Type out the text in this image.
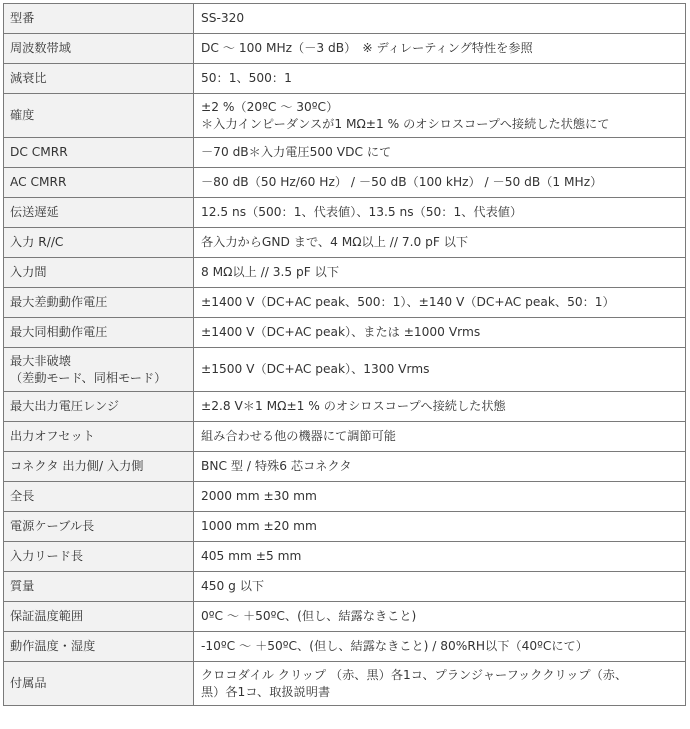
型番	SS-320

周波数帯域	DC ～ 100 MHz（－3 dB）　※ ディレーティング特性を参照

減衰比	50：1、500：1

確度	±2 %（20ºC ～ 30ºC）
＊入力インピーダンスが1 MΩ±1 % のオシロスコープへ接続した状態にて

DC CMRR	－70 dB＊入力電圧500 VDC にて

AC CMRR	－80 dB（50 Hz/60 Hz） / －50 dB（100 kHz） / －50 dB（1 MHz）

伝送遅延	12.5 ns（500：1、代表値）、13.5 ns（50：1、代表値）

入力 R//C	各入力からGND まで、4 MΩ以上 // 7.0 pF 以下

入力間	8 MΩ以上 // 3.5 pF 以下

最大差動動作電圧	±1400 V（DC+AC peak、500：1）、±140 V（DC+AC peak、50：1）

最大同相動作電圧	±1400 V（DC+AC peak）、または ±1000 Vrms

最大非破壊
（差動モード、同相モード）	±1500 V（DC+AC peak）、1300 Vrms

最大出力電圧レンジ	±2.8 V＊1 MΩ±1 % のオシロスコープへ接続した状態

出力オフセット	組み合わせる他の機器にて調節可能

コネクタ 出力側/ 入力側	BNC 型 / 特殊6 芯コネクタ

全長	2000 mm ±30 mm

電源ケーブル長	1000 mm ±20 mm

入力リード長	405 mm ±5 mm

質量	450 g 以下

保証温度範囲	0ºC ～ ＋50ºC、(但し、結露なきこと)

動作温度・湿度	-10ºC ～ ＋50ºC、(但し、結露なきこと) / 80%RH以下（40ºCにて）

付属品	クロコダイル クリップ （赤、黒）各1コ、プランジャーフッククリップ（赤、
黒）各1コ、取扱説明書
